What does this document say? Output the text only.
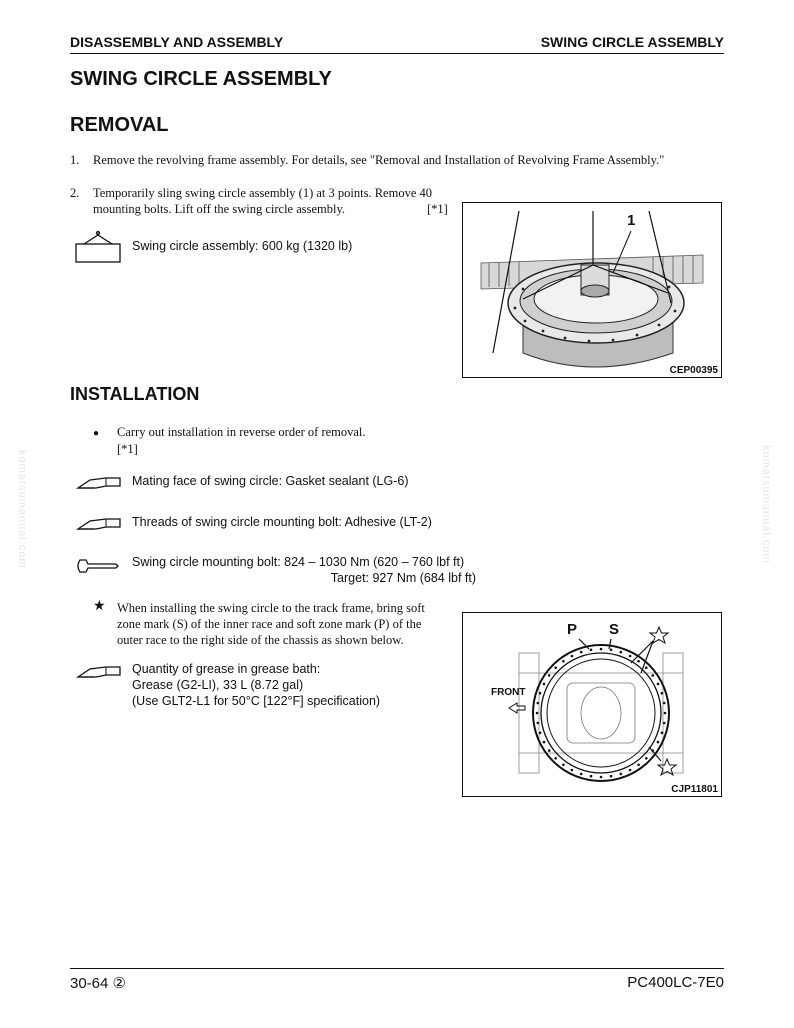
DISASSEMBLY AND ASSEMBLY	SWING CIRCLE ASSEMBLY
komatsumanual.com	komatsumanual.com
SWING CIRCLE ASSEMBLY
REMOVAL
1. Remove the revolving frame assembly. For details, see "Removal and Installation of Revolving Frame Assembly."
2. Temporarily sling swing circle assembly (1) at 3 points. Remove 40
mounting bolts. Lift off the swing circle assembly.	[*1]
Swing circle assembly: 600 kg (1320 lb)
1
CEP00395
INSTALLATION
● Carry out installation in reverse order of removal.
[*1]
Mating face of swing circle: Gasket sealant (LG-6)
Threads of swing circle mounting bolt: Adhesive (LT-2)
Swing circle mounting bolt: 824 – 1030 Nm (620 – 760 lbf ft)
Target: 927 Nm (684 lbf ft)
★ When installing the swing circle to the track frame, bring soft
zone mark (S) of the inner race and soft zone mark (P) of the
outer race to the right side of the chassis as shown below.
Quantity of grease in grease bath:
Grease (G2-LI), 33 L (8.72 gal)
(Use GLT2-L1 for 50°C [122°F] specification)
P S
FRONT
CJP11801
30-64 ②	PC400LC-7E0
